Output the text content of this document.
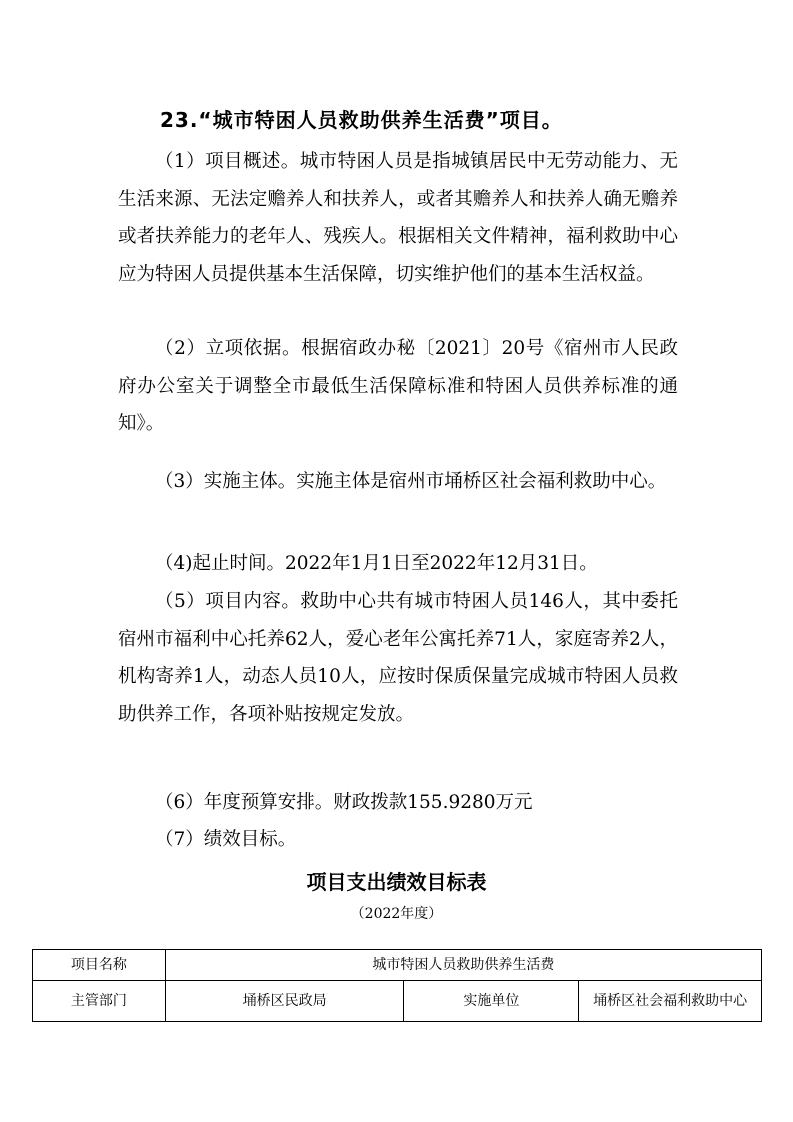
23.“城市特困人员救助供养生活费”项目。

（1）项目概述。城市特困人员是指城镇居民中无劳动能力、无生活来源、无法定赡养人和扶养人，或者其赡养人和扶养人确无赡养或者扶养能力的老年人、残疾人。根据相关文件精神，福利救助中心应为特困人员提供基本生活保障，切实维护他们的基本生活权益。

（2）立项依据。根据宿政办秘〔2021〕20号《宿州市人民政府办公室关于调整全市最低生活保障标准和特困人员供养标准的通知》。

（3）实施主体。实施主体是宿州市埇桥区社会福利救助中心。

（4)起止时间。2022年1月1日至2022年12月31日。

（5）项目内容。救助中心共有城市特困人员146人，其中委托宿州市福利中心托养62人，爱心老年公寓托养71人，家庭寄养2人，机构寄养1人，动态人员10人，应按时保质保量完成城市特困人员救助供养工作，各项补贴按规定发放。

（6）年度预算安排。财政拨款155.9280万元

（7）绩效目标。

项目支出绩效目标表
（2022年度）
项目名称	城市特困人员救助供养生活费		
主管部门	埇桥区民政局	实施单位	埇桥区社会福利救助中心
